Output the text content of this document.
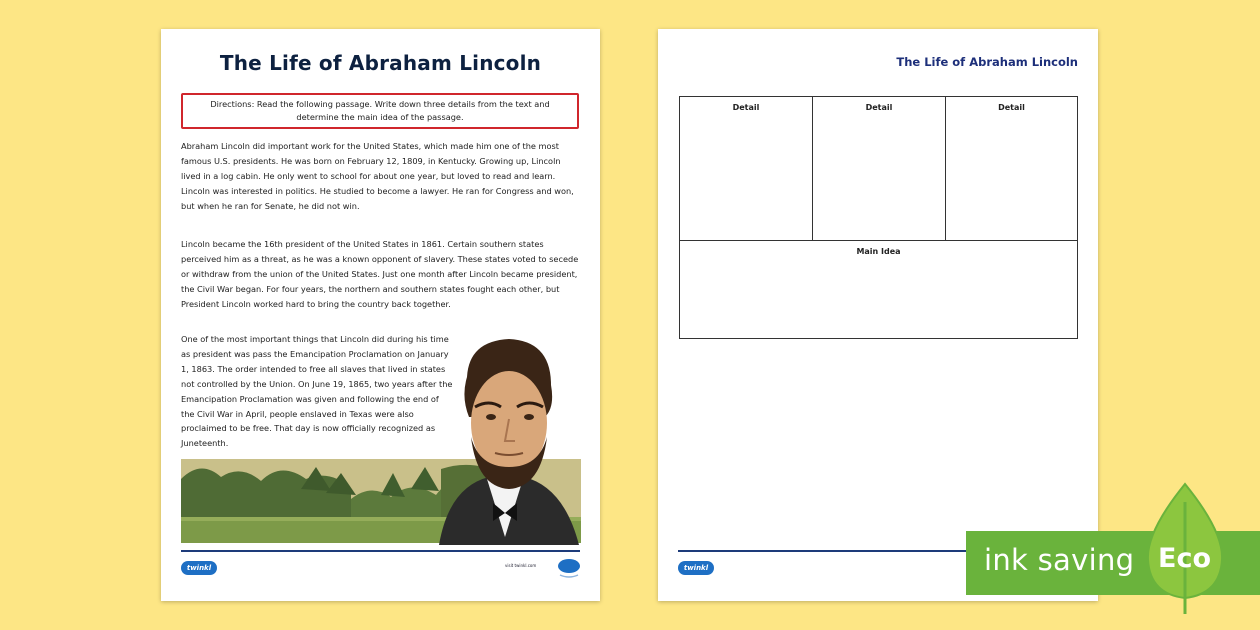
The Life of Abraham Lincoln
Directions: Read the following passage. Write down three details from the text and determine the main idea of the passage.

Abraham Lincoln did important work for the United States, which made him one of the most famous U.S. presidents. He was born on February 12, 1809, in Kentucky. Growing up, Lincoln lived in a log cabin. He only went to school for about one year, but loved to read and learn. Lincoln was interested in politics. He studied to become a lawyer. He ran for Congress and won, but when he ran for Senate, he did not win.

Lincoln became the 16th president of the United States in 1861. Certain southern states perceived him as a threat, as he was a known opponent of slavery. These states voted to secede or withdraw from the union of the United States. Just one month after Lincoln became president, the Civil War began. For four years, the northern and southern states fought each other, but President Lincoln worked hard to bring the country back together.

One of the most important things that Lincoln did during his time as president was pass the Emancipation Proclamation on January 1, 1863. The order intended to free all slaves that lived in states not controlled by the Union. On June 19, 1865, two years after the Emancipation Proclamation was given and following the end of the Civil War in April, people enslaved in Texas were also proclaimed to be free. That day is now officially recognized as Juneteenth.

twinkl	visit twinkl.com
The Life of Abraham Lincoln
Detail	Detail	Detail
Main Idea
twinkl	ink saving Eco
